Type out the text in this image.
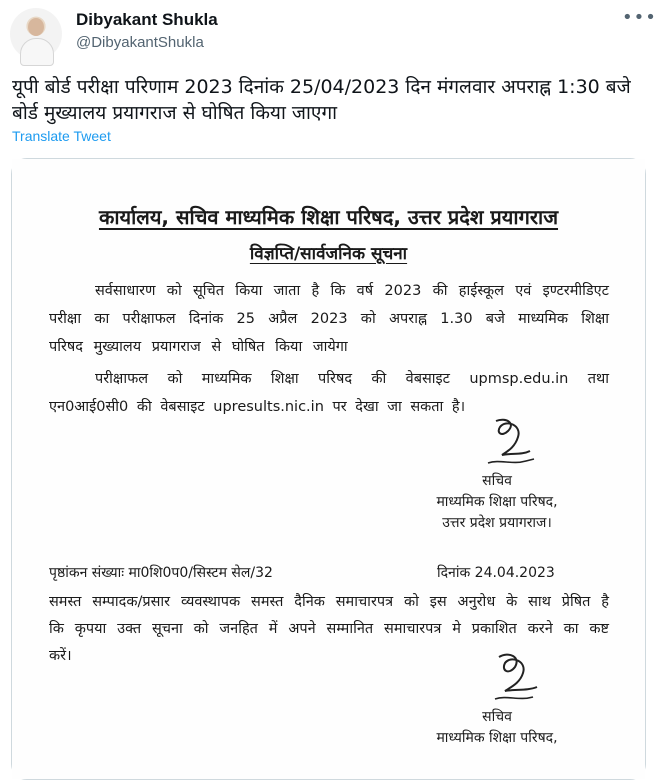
Dibyakant Shukla
@DibyakantShukla
•••

यूपी बोर्ड परीक्षा परिणाम 2023 दिनांक 25/04/2023 दिन मंगलवार अपराह्न 1:30 बजे बोर्ड मुख्यालय प्रयागराज से घोषित किया जाएगा

Translate Tweet

कार्यालय, सचिव माध्यमिक शिक्षा परिषद, उत्तर प्रदेश प्रयागराज

विज्ञप्ति/सार्वजनिक सूचना

सर्वसाधारण को सूचित किया जाता है कि वर्ष 2023 की हाईस्कूल एवं इण्टरमीडिएट परीक्षा का परीक्षाफल दिनांक 25 अप्रैल 2023 को अपराह्न 1.30 बजे माध्यमिक शिक्षा परिषद मुख्यालय प्रयागराज से घोषित किया जायेगा

परीक्षाफल को माध्यमिक शिक्षा परिषद की वेबसाइट upmsp.edu.in तथा एन0आई0सी0 की वेबसाइट upresults.nic.in पर देखा जा सकता है।

सचिव
माध्यमिक शिक्षा परिषद,
उत्तर प्रदेश प्रयागराज।
पृष्ठांकन संख्याः मा0शि0प0/सिस्टम सेल/32	दिनांक 24.04.2023

समस्त सम्पादक/प्रसार व्यवस्थापक समस्त दैनिक समाचारपत्र को इस अनुरोध के साथ प्रेषित है कि कृपया उक्त सूचना को जनहित में अपने सम्मानित समाचारपत्र मे प्रकाशित करने का कष्ट करें।

सचिव
माध्यमिक शिक्षा परिषद,
